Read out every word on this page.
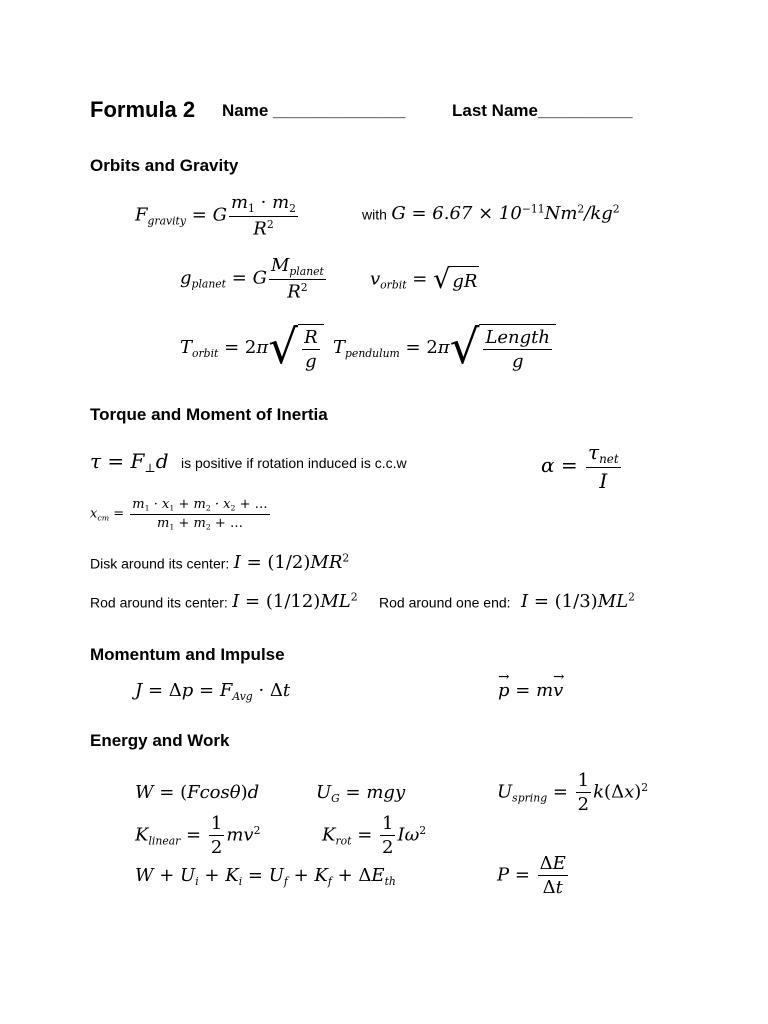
Formula 2 Name ______________	Last Name__________
Orbits and Gravity
$F_{gravity} = G \frac{m_1 \cdot m_2}{R^2}$	with $G = 6.67 \times 10^{-11}Nm^2/kg^2$
$g_{planet} = G \frac{M_{planet}}{R^2} v_{orbit}$ = √ gR
$T_{orbit} = 2\pi$ √ $\frac{R}{g} T_{pendulum} = 2\pi$ √ $\frac{\text{Length}}{g}$
Torque and Moment of Inertia
$\tau = F_\perp d$ is positive if rotation induced is c.c.w	$\alpha = \frac{\tau_{net}}{I}$
$x_{cm} = \frac{m_1 \cdot x_1 + m_2 \cdot x_2 + \dots}{m_1 + m_2 + \dots}$
Disk around its center: $I = (1/2)MR^2$
Rod around its center: $I = (1/12)ML^2$ Rod around one end: $I = (1/3)ML^2$
Momentum and Impulse
$J = \Delta p = F_{Avg} \cdot \Delta t$
→	p = m→ v
Energy and Work
W = (Fcosθ)d	$U_G$ = mgy	$U_{spring} = \frac{1}{2} k(\Delta x)^2$
$K_{linear} = \frac{1}{2} mv^2$	$K_{rot} = \frac{1}{2} I\omega^2$
$W + U_i + K_i = U_f + K_f + \Delta E_{th}$	$P = \frac{\Delta E}{\Delta t}$
